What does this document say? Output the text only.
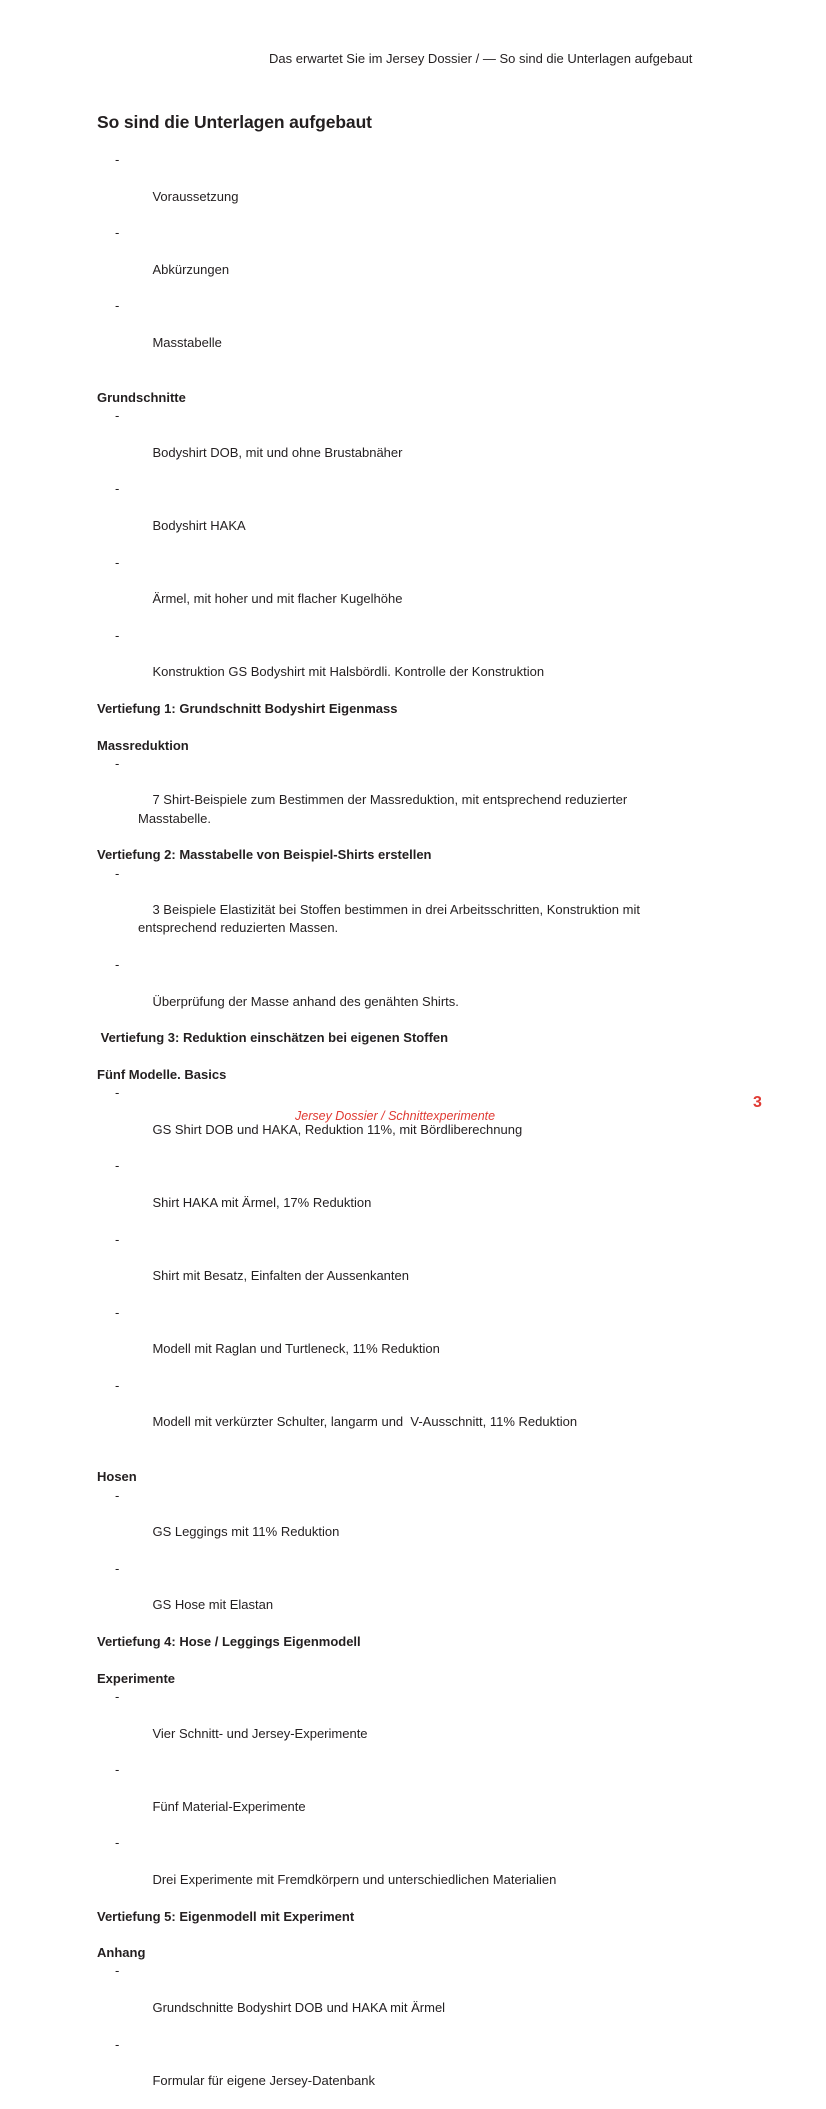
Das erwartet Sie im Jersey Dossier / — So sind die Unterlagen aufgebaut
So sind die Unterlagen aufgebaut

-

Voraussetzung

-

Abkürzungen

-

Masstabelle

Grundschnitte

-

Bodyshirt DOB, mit und ohne Brustabnäher

-

Bodyshirt HAKA

-

Ärmel, mit hoher und mit flacher Kugelhöhe

-

Konstruktion GS Bodyshirt mit Halsbördli. Kontrolle der Konstruktion

Vertiefung 1: Grundschnitt Bodyshirt Eigenmass
Massreduktion

-

7 Shirt-Beispiele zum Bestimmen der Massreduktion, mit entsprechend reduzierter Masstabelle.

Vertiefung 2: Masstabelle von Beispiel-Shirts erstellen

-

3 Beispiele Elastizität bei Stoffen bestimmen in drei Arbeitsschritten, Konstruktion mit entsprechend reduzierten Massen.

-

Überprüfung der Masse anhand des genähten Shirts.

Vertiefung 3: Reduktion einschätzen bei eigenen Stoffen
Fünf Modelle. Basics

-

GS Shirt DOB und HAKA, Reduktion 11%, mit Bördliberechnung

-

Shirt HAKA mit Ärmel, 17% Reduktion

-

Shirt mit Besatz, Einfalten der Aussenkanten

-

Modell mit Raglan und Turtleneck, 11% Reduktion

-

Modell mit verkürzter Schulter, langarm und  V-Ausschnitt, 11% Reduktion

Hosen

-

GS Leggings mit 11% Reduktion

-

GS Hose mit Elastan

Vertiefung 4: Hose / Leggings Eigenmodell
Experimente

-

Vier Schnitt- und Jersey-Experimente

-

Fünf Material-Experimente

-

Drei Experimente mit Fremdkörpern und unterschiedlichen Materialien

Vertiefung 5: Eigenmodell mit Experiment
Anhang

-

Grundschnitte Bodyshirt DOB und HAKA mit Ärmel

-

Formular für eigene Jersey-Datenbank

Jersey Dossier / Schnittexperimente
3
